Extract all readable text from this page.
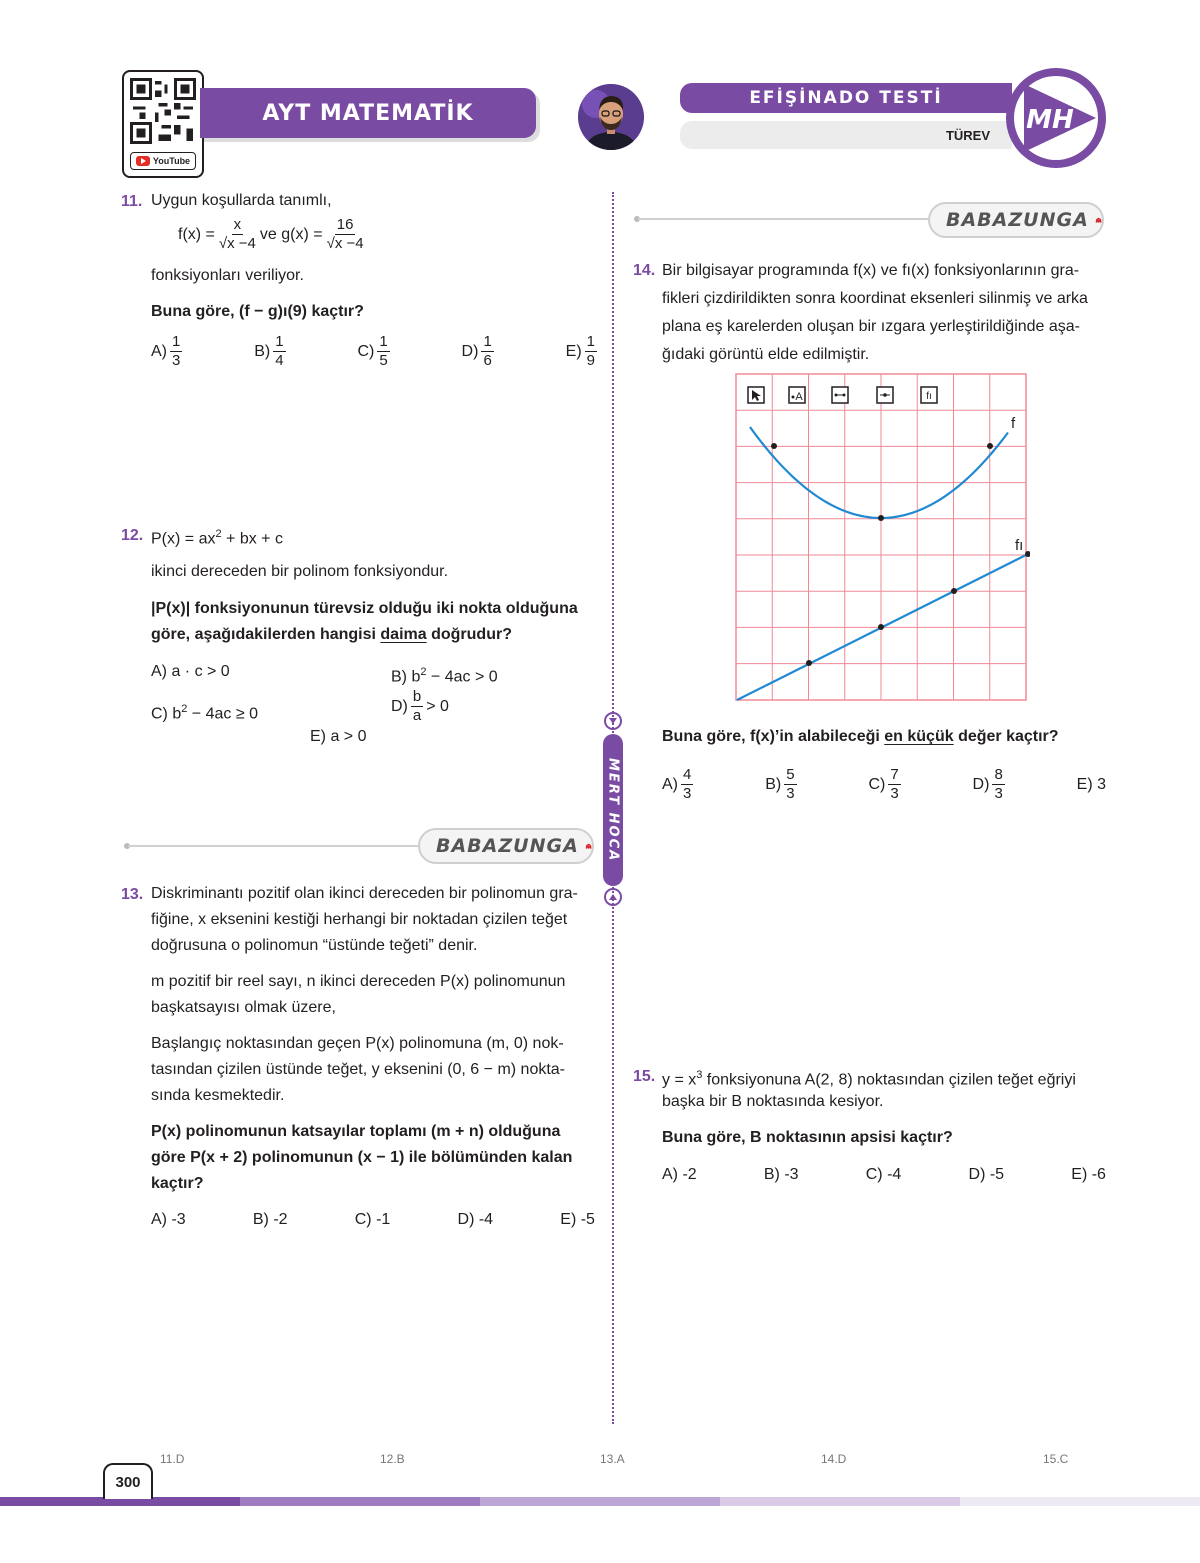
YouTube
AYT MATEMATİK
EFİŞİNADO TESTİ
TÜREV	MH
MERT HOCA
11. Uygun koşullarda tanımlı,
$f(x) = \frac{x}{√x -4}$ ve $g(x) = \frac{16}{√x -4}$
fonksiyonları veriliyor.
Buna göre, (f − g)ı(9) kaçtır?
$A) \frac{1}{3}$	$B) \frac{1}{4}$	$C) \frac{1}{5}$	$D) \frac{1}{6}$	$E) \frac{1}{9}$
12. $P(x) = ax^2$ + bx + c
ikinci dereceden bir polinom fonksiyondur.
|P(x)| fonksiyonunun türevsiz olduğu iki nokta olduğuna
göre, aşağıdakilerden hangisi daima doğrudur?
A) a · c > 0	B) $b^2 - 4ac > 0$
C) $b^2 - 4ac \ge 0$	$D) \frac{b}{a} > 0$
E) a > 0
BABAZUNGA
13. Diskriminantı pozitif olan ikinci dereceden bir polinomun gra-
fiğine, x eksenini kestiği herhangi bir noktadan çizilen teğet
doğrusuna o polinomun “üstünde teğeti” denir.
m pozitif bir reel sayı, n ikinci dereceden P(x) polinomunun
başkatsayısı olmak üzere,
Başlangıç noktasından geçen P(x) polinomuna (m, 0) nok-
tasından çizilen üstünde teğet, y eksenini (0, 6 − m) nokta-
sında kesmektedir.
P(x) polinomunun katsayılar toplamı (m + n) olduğuna
göre P(x + 2) polinomunun (x − 1) ile bölümünden kalan
kaçtır?
A) -3	B) -2	C) -1	D) -4	E) -5
BABAZUNGA
14. Bir bilgisayar programında f(x) ve fı(x) fonksiyonlarının gra-
fikleri çizdirildikten sonra koordinat eksenleri silinmiş ve arka
plana eş karelerden oluşan bir ızgara yerleştirildiğinde aşa-
ğıdaki görüntü elde edilmiştir.
A	fı
f
fı
Buna göre, f(x)’in alabileceği en küçük değer kaçtır?
$A) \frac{4}{3}$	$B) \frac{5}{3}$	$C) \frac{7}{3}$	$D) \frac{8}{3}$	E) 3
15. $y = x^3$ fonksiyonuna A(2, 8) noktasından çizilen teğet eğriyi
başka bir B noktasında kesiyor.
Buna göre, B noktasının apsisi kaçtır?
A) -2	B) -3	C) -4	D) -5	E) -6
11.D	12.B	13.A	14.D	15.C
300
